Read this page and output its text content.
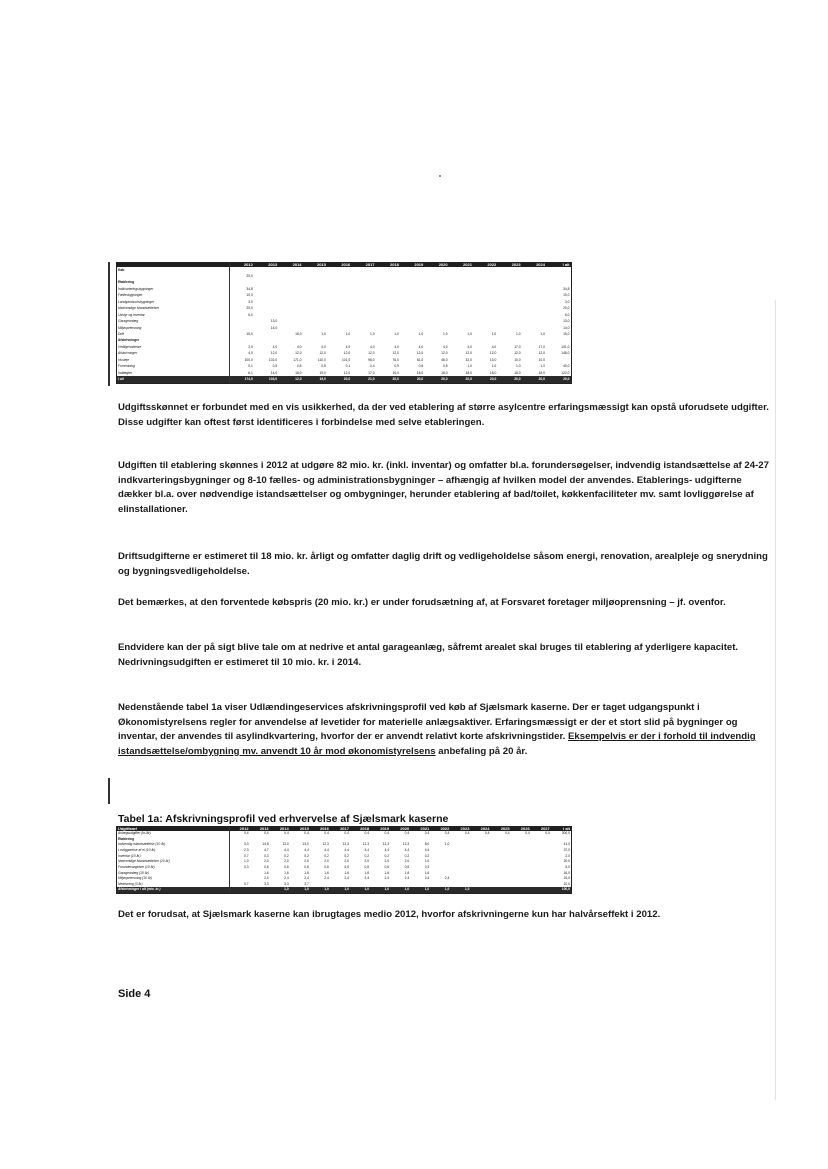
	2012	2013	2014	2015	2016	2017	2018	2019	2020	2021	2022	2023	2024	I alt
Køb														
	20,0													
Etablering														
Indkvarteringsbygninger	34,8													34,8
Fællesbygninger	10,0													10,0
Landgarnisonsbygninger	3,0													3,0
Nødvendige istandsættelser	20,0													20,0
Udstyr og inventar	6,0													6,0
Garageanlæg		13,0												13,0
Miljøoprensning		14,0												14,0
Drift	15,0		18,0	1,0	1,0	1,0	1,0	1,0	1,0	1,0	1,0	1,0	1,0	19,0
Afskrivninger														
Vedligeholdelse	2,0	4,0	4,0	4,0	4,0	4,0	4,0	4,0	4,0	4,0	4,0	17,0	17,0	101,0
Afskrivninger	4,0	12,0	12,0	12,0	12,0	12,0	12,0	12,0	12,0	12,0	12,0	12,0	12,0	148,0
Husleje	100,0	102,0	171,0	110,0	101,0	96,0	76,0	61,0	46,0	32,0	10,0	10,0	10,0	
Forrentning	0,1	0,5	0,8	0,5	0,1	0,4	0,9	0,6	0,5	1,0	1,0	1,0	1,0	40,0
Indtægter	6,1	14,0	18,0	19,0	12,0	17,0	16,0	18,0	18,0	18,0	18,0	18,0	18,0	122,0
I alt	174,0	103,0	12,0	19,0	20,0	21,0	20,0	20,0	20,0	20,0	20,0	20,0	20,0	20,0

Udgiftsskønnet er forbundet med en vis usikkerhed, da der ved etablering af større asylcentre erfaringsmæssigt kan opstå uforudsete udgifter. Disse udgifter kan oftest først identificeres i forbindelse med selve etableringen.

Udgiften til etablering skønnes i 2012 at udgøre 82 mio. kr. (inkl. inventar) og omfatter bl.a. forundersøgelser, indvendig istandsættelse af 24-27 indkvarteringsbygninger og 8-10 fælles- og administrationsbygninger – afhængig af hvilken model der anvendes. Etablerings- udgifterne dækker bl.a. over nødvendige istandsættelser og ombygninger, herunder etablering af bad/toilet, køkkenfaciliteter mv. samt lovliggørelse af elinstallationer.

Driftsudgifterne er estimeret til 18 mio. kr. årligt og omfatter daglig drift og vedligeholdelse såsom energi, renovation, arealpleje og snerydning og bygningsvedligeholdelse.

Det bemærkes, at den forventede købspris (20 mio. kr.) er under forudsætning af, at Forsvaret foretager miljøoprensning – jf. ovenfor.

Endvidere kan der på sigt blive tale om at nedrive et antal garageanlæg, såfremt arealet skal bruges til etablering af yderligere kapacitet. Nedrivningsudgiften er estimeret til 10 mio. kr. i 2014.

Nedenstående tabel 1a viser Udlændingeservices afskrivningsprofil ved køb af Sjælsmark kaserne. Der er taget udgangspunkt i Økonomistyrelsens regler for anvendelse af levetider for materielle anlægsaktiver. Erfaringsmæssigt er der et stort slid på bygninger og inventar, der anvendes til asylindkvartering, hvorfor der er anvendt relativt korte afskrivningstider. Eksempelvis er der i forhold til indvendig istandsættelse/ombygning mv. anvendt 10 år mod økonomistyrelsens anbefaling på 20 år.

Tabel 1a: Afskrivningsprofil ved erhvervelse af Sjælsmark kaserne

Udgiftsart	2012	2013	2014	2015	2016	2017	2018	2019	2020	2021	2022	2023	2024	2025	2026	2027	I alt
Anlægsudgifter (kr./år)	0,4	0,4	0,4	0,4	0,4	0,4	0,4	0,4	0,4	0,4	0,4	0,4	0,4	0,4	0,4	0,4	300,0
Etablering																	
Indvendig istandsættelse (10 år)	3,3	14,8	13,0	13,0	12,3	12,3	12,3	12,3	12,3	8,0	1,0						41,0
Lovliggørelse af el (10 år)	2,3	4,7	4,4	4,4	4,4	4,4	4,4	4,4	4,4	4,4							37,0
Inventar (10 år)	0,7	0,3	0,2	0,2	0,2	0,2	0,2	0,2	0,2	0,2							2,0
Nødvendige istandsættelser (10 år)	1,0	2,0	2,0	2,0	2,0	2,0	2,0	2,0	2,0	1,0							20,0
Forundersøgelser (10 år)	0,3	0,6	0,6	0,6	0,6	0,6	0,6	0,6	0,6	0,3							6,0
Garageanlæg (10 år)		1,6	1,6	1,6	1,6	1,6	1,6	1,6	1,6	1,6							16,0
Miljøoprensning (10 år)		2,4	2,4	2,4	2,4	2,4	2,4	2,4	2,4	2,4	2,4						24,0
Nedrivning (3 år)	0,7	3,3	3,3	3,7													10,0
Afskrivninger i alt (mio. kr.)			1,0	1,0	1,0	1,0	1,0	1,0	1,0	1,0	1,0	1,0					100,0

Det er forudsat, at Sjælsmark kaserne kan ibrugtages medio 2012, hvorfor afskrivningerne kun har halvårseffekt i 2012.

Side 4
